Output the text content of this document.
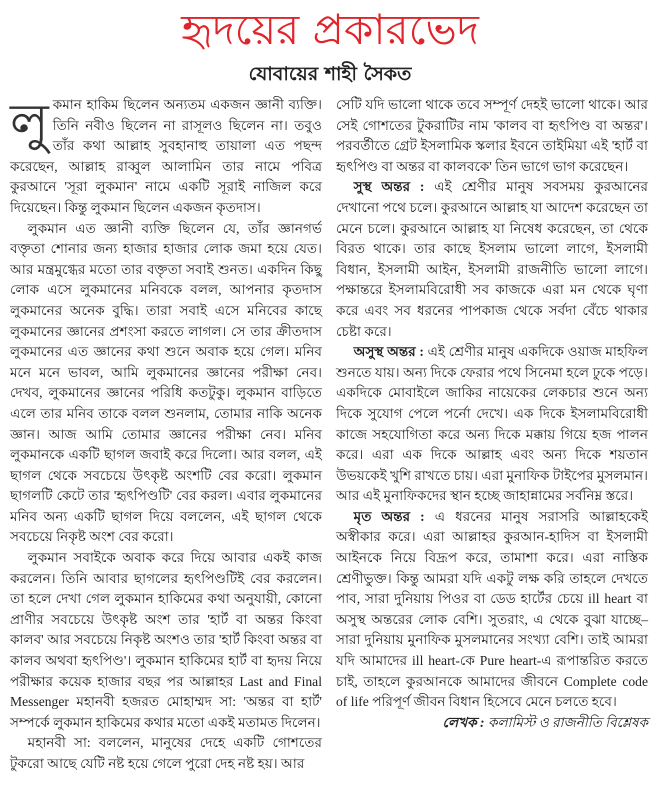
হৃদয়ের প্রকারভেদ
যোবায়ের শাহী সৈকত

লুকমান হাকিম ছিলেন অন্যতম একজন জ্ঞানী ব্যক্তি। তিনি নবীও ছিলেন না রাসূলও ছিলেন না। তবুও তাঁর কথা আল্লাহ সুবহানাহু তায়ালা এত পছন্দ করেছেন, আল্লাহ রাব্বুল আলামিন তার নামে পবিত্র কুরআনে 'সূরা লুকমান' নামে একটি সূরাই নাজিল করে দিয়েছেন। কিন্তু লুকমান ছিলেন একজন কৃতদাস।

লুকমান এত জ্ঞানী ব্যক্তি ছিলেন যে, তাঁর জ্ঞানগর্ভ বক্তৃতা শোনার জন্য হাজার হাজার লোক জমা হয়ে যেত। আর মন্ত্রমুগ্ধের মতো তার বক্তৃতা সবাই শুনত। একদিন কিছু লোক এসে লুকমানের মনিবকে বলল, আপনার কৃতদাস লুকমানের অনেক বুদ্ধি। তারা সবাই এসে মনিবের কাছে লুকমানের জ্ঞানের প্রশংসা করতে লাগল। সে তার ক্রীতদাস লুকমানের এত জ্ঞানের কথা শুনে অবাক হয়ে গেল। মনিব মনে মনে ভাবল, আমি লুকমানের জ্ঞানের পরীক্ষা নেব। দেখব, লুকমানের জ্ঞানের পরিধি কতটুকু। লুকমান বাড়িতে এলে তার মনিব তাকে বলল শুনলাম, তোমার নাকি অনেক জ্ঞান। আজ আমি তোমার জ্ঞানের পরীক্ষা নেব। মনিব লুকমানকে একটি ছাগল জবাই করে দিলো। আর বলল, এই ছাগল থেকে সবচেয়ে উৎকৃষ্ট অংশটি বের করো। লুকমান ছাগলটি কেটে তার 'হৃৎপিণ্ডটি' বের করল। এবার লুকমানের মনিব অন্য একটি ছাগল দিয়ে বললেন, এই ছাগল থেকে সবচেয়ে নিকৃষ্ট অংশ বের করো।

লুকমান সবাইকে অবাক করে দিয়ে আবার একই কাজ করলেন। তিনি আবার ছাগলের হৃৎপিণ্ডটিই বের করলেন। তা হলে দেখা গেল লুকমান হাকিমের কথা অনুযায়ী, কোনো প্রাণীর সবচেয়ে উৎকৃষ্ট অংশ তার 'হার্ট বা অন্তর কিংবা কালব' আর সবচেয়ে নিকৃষ্ট অংশও তার 'হার্ট কিংবা অন্তর বা কালব অথবা হৃৎপিণ্ড'। লুকমান হাকিমের হার্ট বা হৃদয় নিয়ে পরীক্ষার কয়েক হাজার বছর পর আল্লাহর Last and Final Messenger মহানবী হজরত মোহাম্মদ সা: 'অন্তর বা হার্ট' সম্পর্কে লুকমান হাকিমের কথার মতো একই মতামত দিলেন।

মহানবী সা: বললেন, মানুষের দেহে একটি গোশতের টুকরো আছে যেটি নষ্ট হয়ে গেলে পুরো দেহ নষ্ট হয়। আর

সেটি যদি ভালো থাকে তবে সম্পূর্ণ দেহই ভালো থাকে। আর সেই গোশতের টুকরাটির নাম 'কালব বা হৃৎপিণ্ড বা অন্তর'। পরবর্তীতে গ্রেট ইসলামিক স্কলার ইবনে তাইমিয়া এই 'হার্ট বা হৃৎপিণ্ড বা অন্তর বা কালবকে' তিন ভাগে ভাগ করেছেন।

সুস্থ অন্তর : এই শ্রেণীর মানুষ সবসময় কুরআনের দেখানো পথে চলে। কুরআনে আল্লাহ যা আদেশ করেছেন তা মেনে চলে। কুরআনে আল্লাহ যা নিষেধ করেছেন, তা থেকে বিরত থাকে। তার কাছে ইসলাম ভালো লাগে, ইসলামী বিধান, ইসলামী আইন, ইসলামী রাজনীতি ভালো লাগে। পক্ষান্তরে ইসলামবিরোধী সব কাজকে এরা মন থেকে ঘৃণা করে এবং সব ধরনের পাপকাজ থেকে সর্বদা বেঁচে থাকার চেষ্টা করে।

অসুস্থ অন্তর : এই শ্রেণীর মানুষ একদিকে ওয়াজ মাহফিল শুনতে যায়। অন্য দিকে ফেরার পথে সিনেমা হলে ঢুকে পড়ে। একদিকে মোবাইলে জাকির নায়েকের লেকচার শুনে অন্য দিকে সুযোগ পেলে পর্নো দেখে। এক দিকে ইসলামবিরোধী কাজে সহযোগিতা করে অন্য দিকে মক্কায় গিয়ে হজ পালন করে। এরা এক দিকে আল্লাহ এবং অন্য দিকে শয়তান উভয়কেই খুশি রাখতে চায়। এরা মুনাফিক টাইপের মুসলমান। আর এই মুনাফিকদের স্থান হচ্ছে জাহান্নামের সর্বনিম্ন স্তরে।

মৃত অন্তর : এ ধরনের মানুষ সরাসরি আল্লাহকেই অস্বীকার করে। এরা আল্লাহর কুরআন-হাদিস বা ইসলামী আইনকে নিয়ে বিদ্রূপ করে, তামাশা করে। এরা নাস্তিক শ্রেণীভুক্ত। কিন্তু আমরা যদি একটু লক্ষ করি তাহলে দেখতে পাব, সারা দুনিয়ায় পিওর বা ডেড হার্টের চেয়ে ill heart বা অসুস্থ অন্তরের লোক বেশি। সুতরাং, এ থেকে বুঝা যাচ্ছে– সারা দুনিয়ায় মুনাফিক মুসলমানের সংখ্যা বেশি। তাই আমরা যদি আমাদের ill heart-কে Pure heart-এ রূপান্তরিত করতে চাই, তাহলে কুরআনকে আমাদের জীবনে Complete code of life পরিপূর্ণ জীবন বিধান হিসেবে মেনে চলতে হবে।

লেখক : কলামিস্ট ও রাজনীতি বিশ্লেষক
